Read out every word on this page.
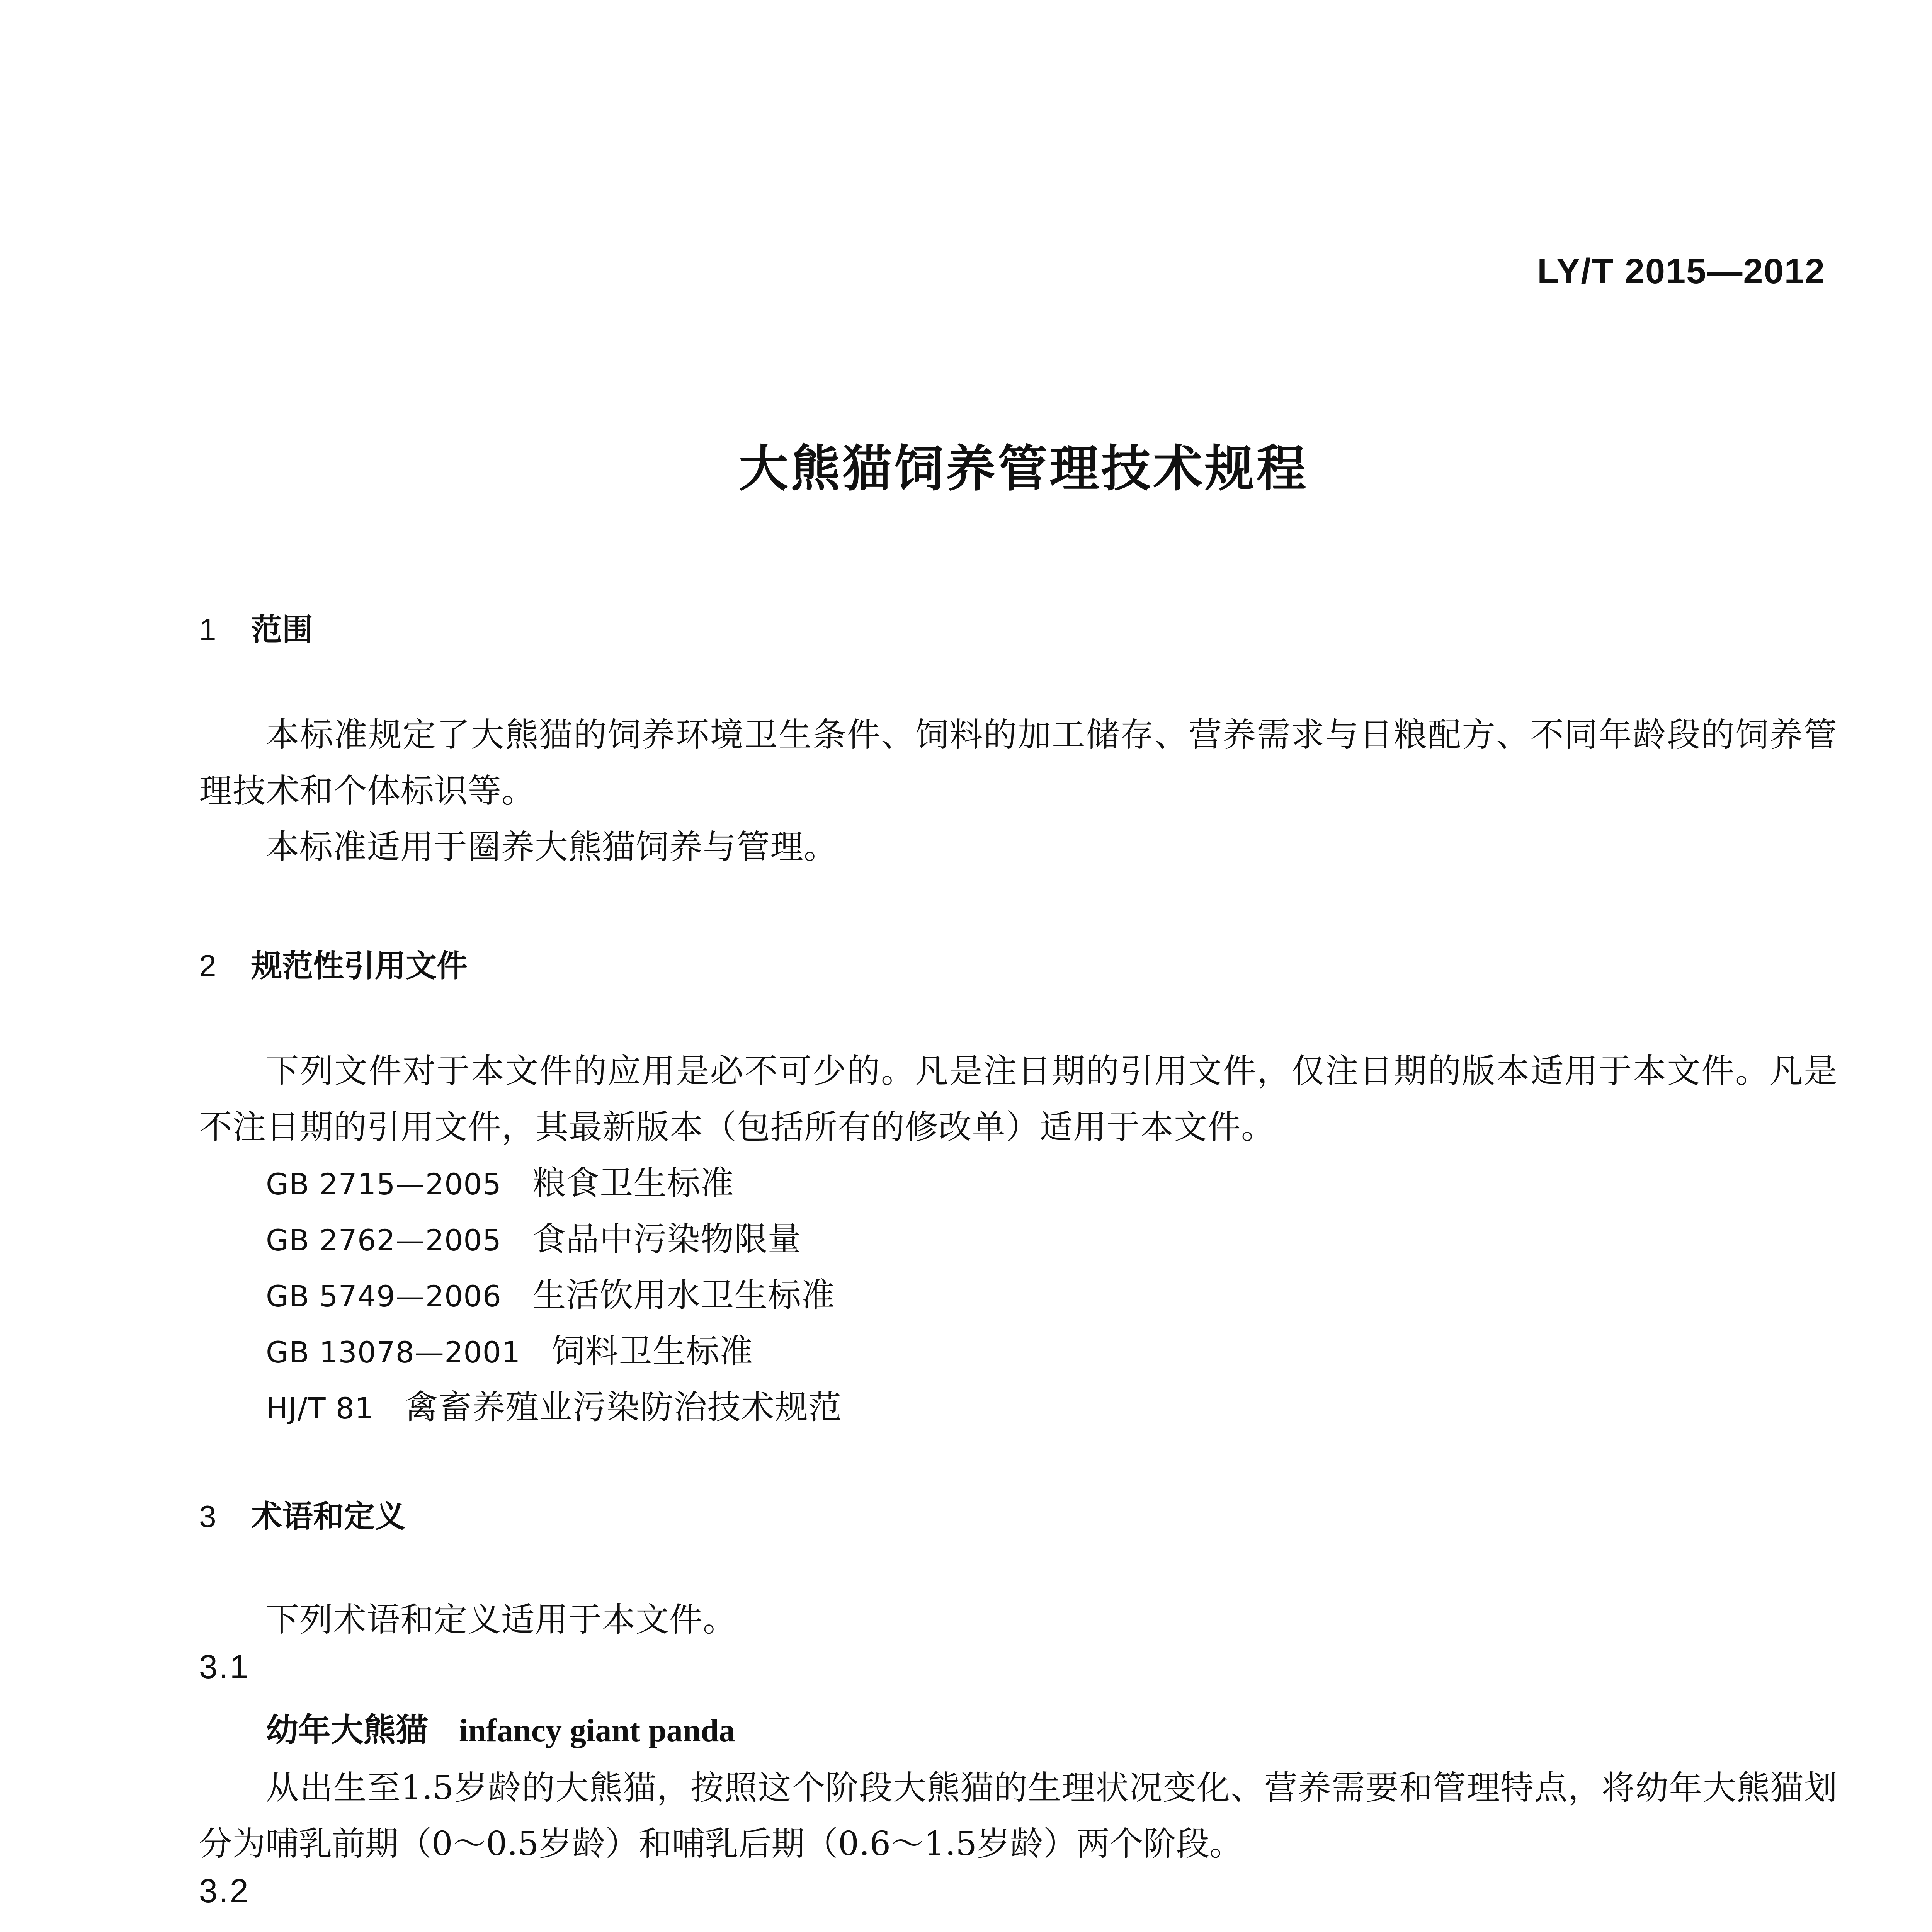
LY/T 2015—2012
大熊猫饲养管理技术规程
1 范围
本标准规定了大熊猫的饲养环境卫生条件、饲料的加工储存、营养需求与日粮配方、不同年龄段的饲养管理技术和个体标识等。
本标准适用于圈养大熊猫饲养与管理。
2 规范性引用文件
下列文件对于本文件的应用是必不可少的。凡是注日期的引用文件，仅注日期的版本适用于本文件。凡是不注日期的引用文件，其最新版本（包括所有的修改单）适用于本文件。
GB 2715—2005 粮食卫生标准
GB 2762—2005 食品中污染物限量
GB 5749—2006 生活饮用水卫生标准
GB 13078—2001 饲料卫生标准
HJ/T 81 禽畜养殖业污染防治技术规范
3 术语和定义
下列术语和定义适用于本文件。
3.1
幼年大熊猫 infancy giant panda
从出生至1.5岁龄的大熊猫，按照这个阶段大熊猫的生理状况变化、营养需要和管理特点，将幼年大熊猫划分为哺乳前期（0～0.5岁龄）和哺乳后期（0.6～1.5岁龄）两个阶段。
3.2
